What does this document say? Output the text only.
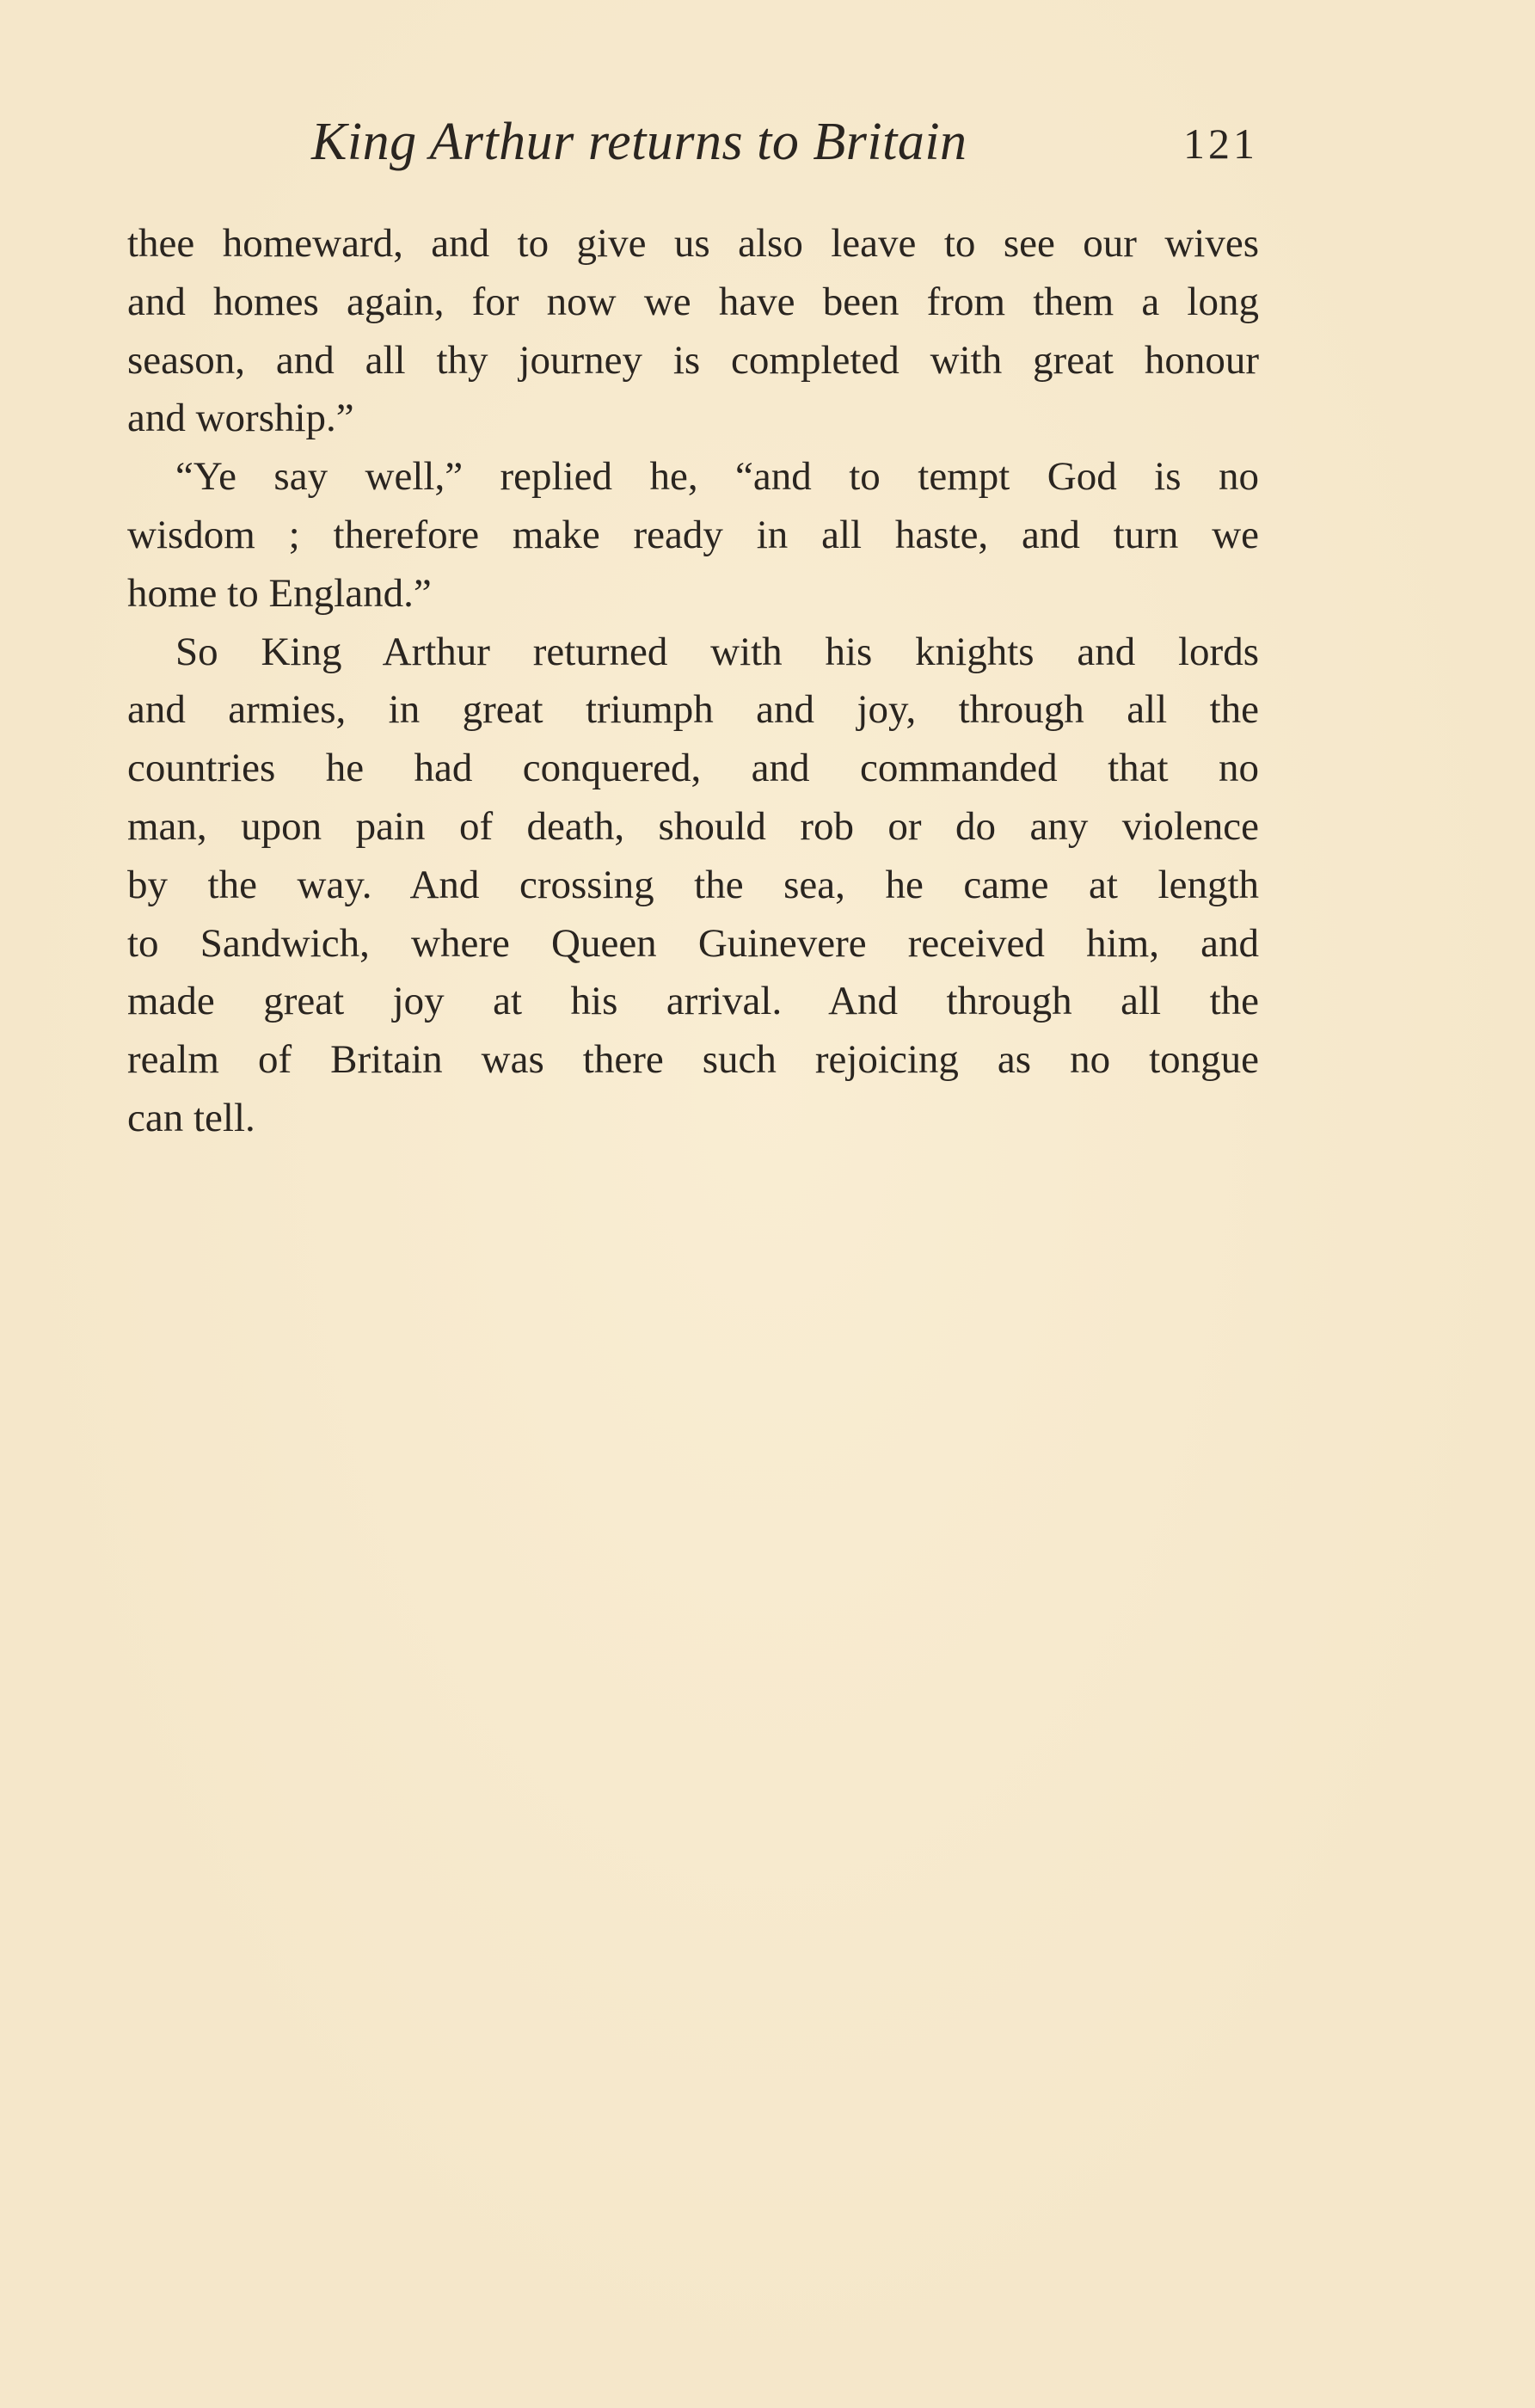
King Arthur returns to Britain	121
thee homeward, and to give us also leave to see our wives
and homes again, for now we have been from them a long
season, and all thy journey is completed with great honour
and worship.”
“Ye say well,” replied he, “and to tempt God is no
wisdom ; therefore make ready in all haste, and turn we
home to England.”
So King Arthur returned with his knights and lords
and armies, in great triumph and joy, through all the
countries he had conquered, and commanded that no
man, upon pain of death, should rob or do any violence
by the way. And crossing the sea, he came at length
to Sandwich, where Queen Guinevere received him, and
made great joy at his arrival. And through all the
realm of Britain was there such rejoicing as no tongue
can tell.
